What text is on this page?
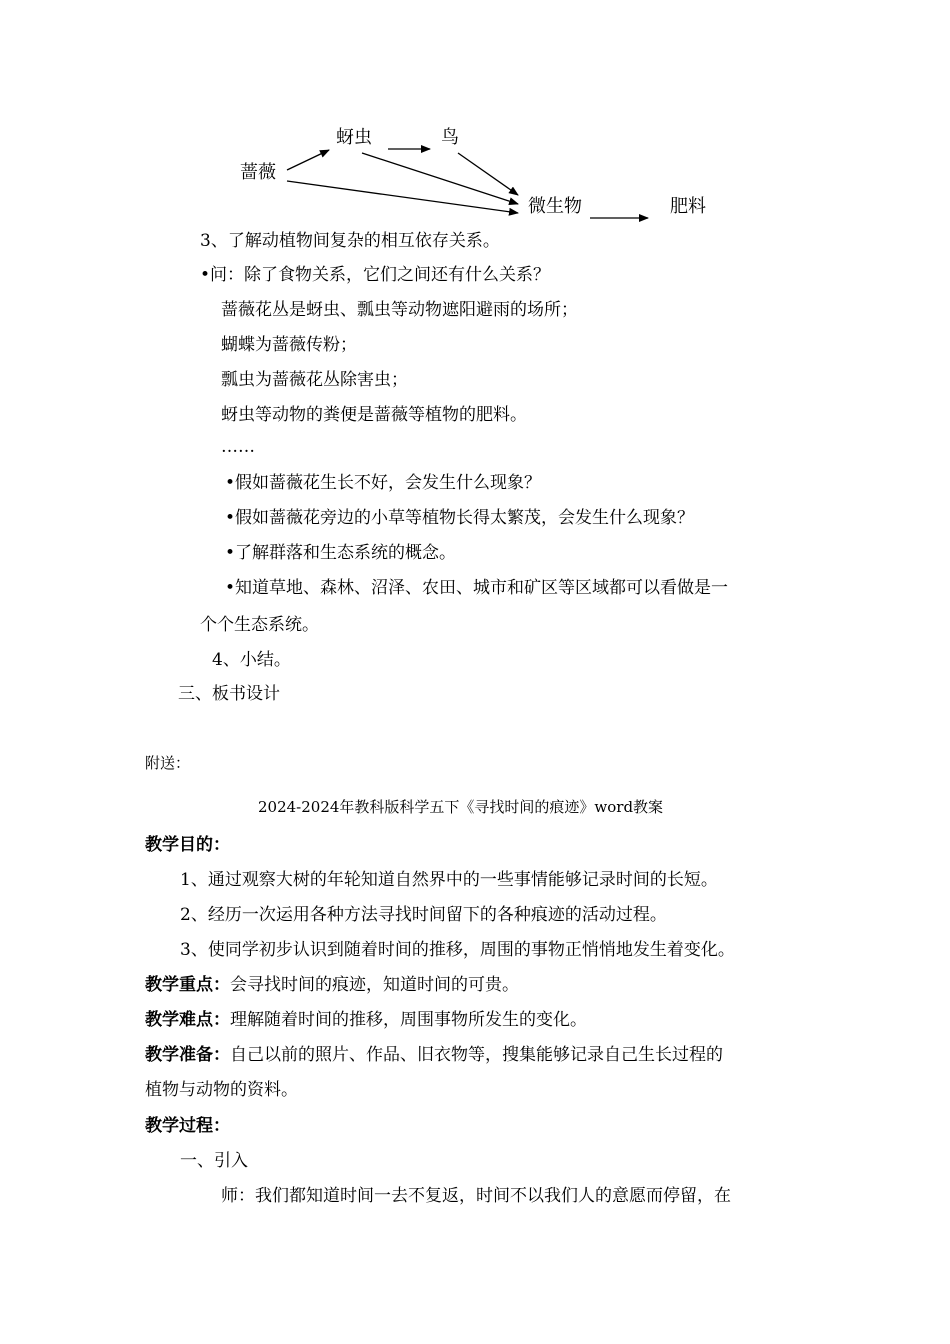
蔷薇
蚜虫	鸟
微生物	肥料
3、了解动植物间复杂的相互依存关系。
•问：除了食物关系，它们之间还有什么关系？
蔷薇花丛是蚜虫、瓢虫等动物遮阳避雨的场所；
蝴蝶为蔷薇传粉；
瓢虫为蔷薇花丛除害虫；
蚜虫等动物的粪便是蔷薇等植物的肥料。
……
•假如蔷薇花生长不好，会发生什么现象？
•假如蔷薇花旁边的小草等植物长得太繁茂，会发生什么现象？
•了解群落和生态系统的概念。
•知道草地、森林、沼泽、农田、城市和矿区等区域都可以看做是一
个个生态系统。
4、小结。
三、板书设计
附送：
2024-2024年教科版科学五下《寻找时间的痕迹》word教案
教学目的：
1、通过观察大树的年轮知道自然界中的一些事情能够记录时间的长短。
2、经历一次运用各种方法寻找时间留下的各种痕迹的活动过程。
3、使同学初步认识到随着时间的推移，周围的事物正悄悄地发生着变化。
教学重点：会寻找时间的痕迹，知道时间的可贵。
教学难点：理解随着时间的推移，周围事物所发生的变化。
教学准备：自己以前的照片、作品、旧衣物等，搜集能够记录自己生长过程的
植物与动物的资料。
教学过程：
一、引入
师：我们都知道时间一去不复返，时间不以我们人的意愿而停留，在
